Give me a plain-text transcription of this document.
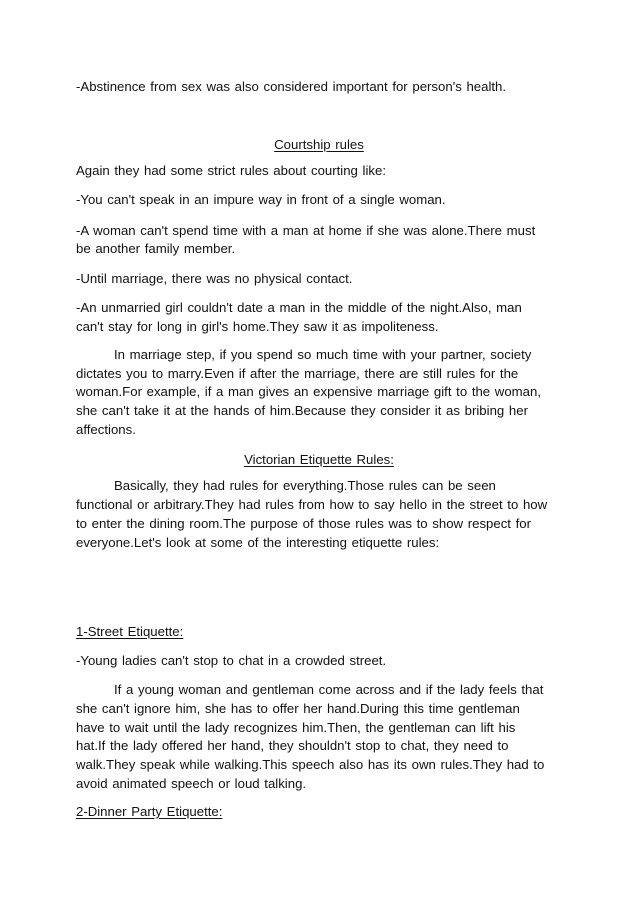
-Abstinence from sex was also considered important for person's health.
Courtship rules
Again they had some strict rules about courting like:
-You can't speak in an impure way in front of a single woman.
-A woman can't spend time with a man at home if she was alone.There must
be another family member.
-Until marriage, there was no physical contact.
-An unmarried girl couldn't date a man in the middle of the night.Also, man
can't stay for long in girl's home.They saw it as impoliteness.
In marriage step, if you spend so much time with your partner, society
dictates you to marry.Even if after the marriage, there are still rules for the
woman.For example, if a man gives an expensive marriage gift to the woman,
she can't take it at the hands of him.Because they consider it as bribing her
affections.
Victorian Etiquette Rules:
Basically, they had rules for everything.Those rules can be seen
functional or arbitrary.They had rules from how to say hello in the street to how
to enter the dining room.The purpose of those rules was to show respect for
everyone.Let's look at some of the interesting etiquette rules:
1-Street Etiquette:
-Young ladies can't stop to chat in a crowded street.
If a young woman and gentleman come across and if the lady feels that
she can't ignore him, she has to offer her hand.During this time gentleman
have to wait until the lady recognizes him.Then, the gentleman can lift his
hat.If the lady offered her hand, they shouldn't stop to chat, they need to
walk.They speak while walking.This speech also has its own rules.They had to
avoid animated speech or loud talking.
2-Dinner Party Etiquette:
